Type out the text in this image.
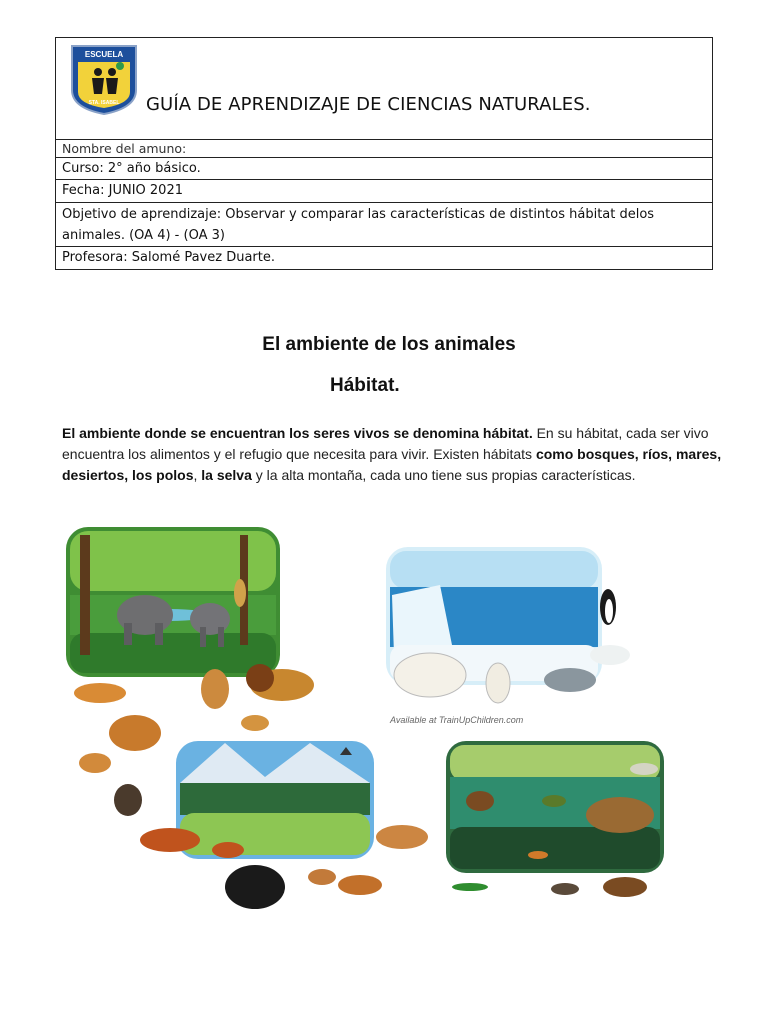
ESCUELA
STA. ISABEL GUÍA DE APRENDIZAJE DE CIENCIAS NATURALES.
Nombre del amuno:
Curso: 2° año básico.
Fecha: JUNIO 2021
Objetivo de aprendizaje: Observar y comparar las características de distintos hábitat delos animales. (OA 4) - (OA 3)
Profesora: Salomé Pavez Duarte.
El ambiente de los animales
Hábitat.
El ambiente donde se encuentran los seres vivos se denomina hábitat. En su hábitat, cada ser vivo encuentra los alimentos y el refugio que necesita para vivir. Existen hábitats como bosques, ríos, mares, desiertos, los polos, la selva y la alta montaña, cada uno tiene sus propias características.
Available at TrainUpChildren.com
